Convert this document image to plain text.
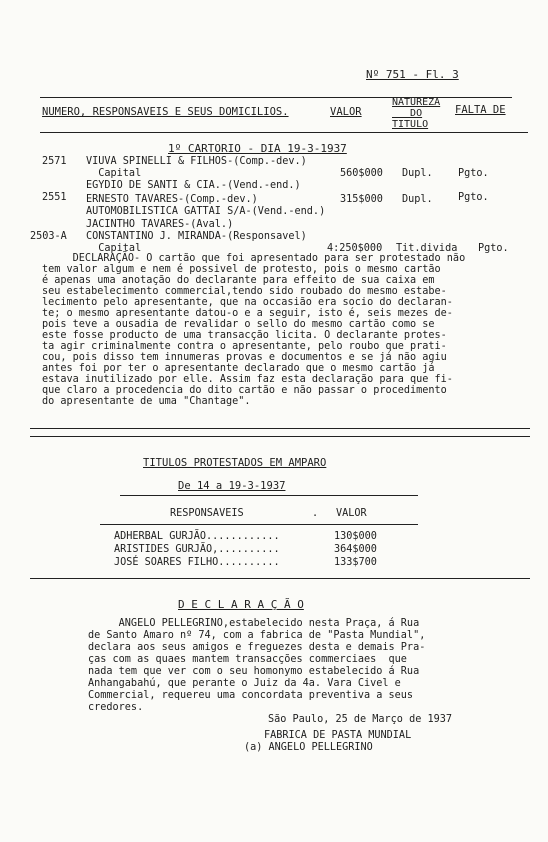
Nº 751 - Fl. 3
NUMERO, RESPONSAVEIS E SEUS DOMICILIOS.	VALOR
NATUREZA
DO
TITULO
FALTA DE
1º CARTORIO - DIA 19-3-1937
2571 VIUVA SPINELLI & FILHOS-(Comp.-dev.)
Capital	560$000 Dupl. Pgto.
EGYDIO DE SANTI & CIA.-(Vend.-end.)
2551 ERNESTO TAVARES-(Comp.-dev.)	315$000 Dupl. Pgto.
AUTOMOBILISTICA GATTAI S/A-(Vend.-end.)
JACINTHO TAVARES-(Aval.)
2503-A CONSTANTINO J. MIRANDA-(Responsavel)
Capital	4:250$000 Tit.divida Pgto.
DECLARAÇÃO- O cartão que foi apresentado para ser protestado não
tem valor algum e nem é possivel de protesto, pois o mesmo cartão
é apenas uma anotação do declarante para effeito de sua caixa em
seu estabelecimento commercial,tendo sido roubado do mesmo estabe-
lecimento pelo apresentante, que na occasião era socio do declaran-
te; o mesmo apresentante datou-o e a seguir, isto é, seis mezes de-
pois teve a ousadia de revalidar o sello do mesmo cartão como se
este fosse producto de uma transacção licita. O declarante protes-
ta agir criminalmente contra o apresentante, pelo roubo que prati-
cou, pois disso tem innumeras provas e documentos e se já não agiu
antes foi por ter o apresentante declarado que o mesmo cartão já
estava inutilizado por elle. Assim faz esta declaração para que fi-
que claro a procedencia do dito cartão e não passar o procedimento
do apresentante de uma "Chantage".
TITULOS PROTESTADOS EM AMPARO
De 14 a 19-3-1937
RESPONSAVEIS	. VALOR
ADHERBAL GURJÃO............	130$000
ARISTIDES GURJÃO,..........	364$000
JOSÉ SOARES FILHO..........	133$700
D E C L A R A Ç Ã O
ANGELO PELLEGRINO,estabelecido nesta Praça, á Rua
de Santo Amaro nº 74, com a fabrica de "Pasta Mundial",
declara aos seus amigos e freguezes desta e demais Pra-
ças com as quaes mantem transacções commerciaes  que
nada tem que ver com o seu homonymo estabelecido á Rua
Anhangabahú, que perante o Juiz da 4a. Vara Civel e
Commercial, requereu uma concordata preventiva a seus
credores.
São Paulo, 25 de Março de 1937
FABRICA DE PASTA MUNDIAL
(a) ANGELO PELLEGRINO
